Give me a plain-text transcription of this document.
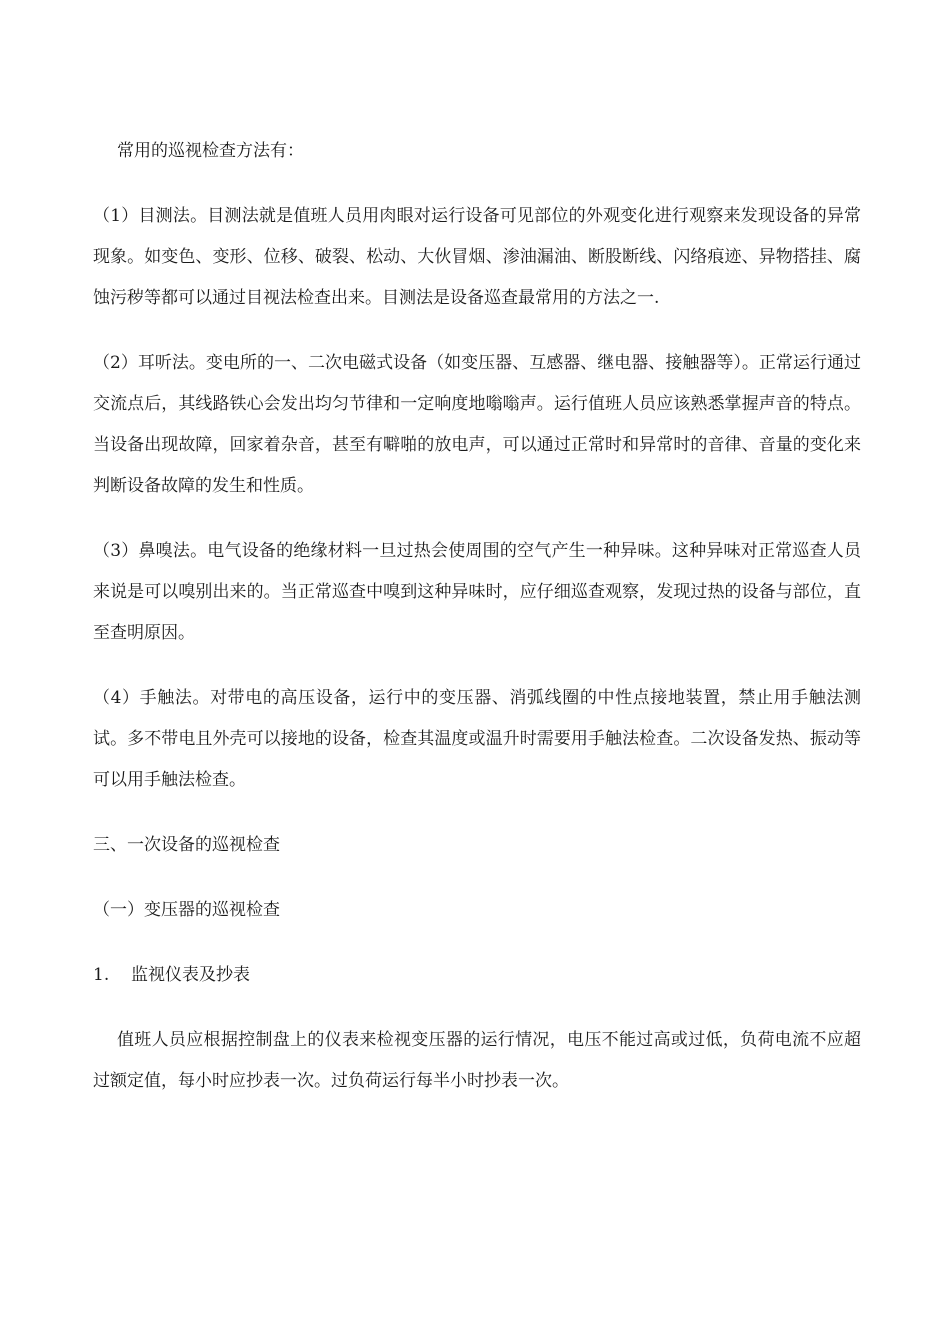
常用的巡视检查方法有：

（1）目测法。目测法就是值班人员用肉眼对运行设备可见部位的外观变化进行观察来发现设备的异常现象。如变色、变形、位移、破裂、松动、大伙冒烟、渗油漏油、断股断线、闪络痕迹、异物搭挂、腐蚀污秽等都可以通过目视法检查出来。目测法是设备巡查最常用的方法之一.

（2）耳听法。变电所的一、二次电磁式设备（如变压器、互感器、继电器、接触器等）。正常运行通过交流点后，其线路铁心会发出均匀节律和一定响度地嗡嗡声。运行值班人员应该熟悉掌握声音的特点。当设备出现故障，回家着杂音，甚至有噼啪的放电声，可以通过正常时和异常时的音律、音量的变化来判断设备故障的发生和性质。

（3）鼻嗅法。电气设备的绝缘材料一旦过热会使周围的空气产生一种异味。这种异味对正常巡查人员来说是可以嗅别出来的。当正常巡查中嗅到这种异味时，应仔细巡查观察，发现过热的设备与部位，直至查明原因。

（4）手触法。对带电的高压设备，运行中的变压器、消弧线圈的中性点接地装置，禁止用手触法测试。多不带电且外壳可以接地的设备，检查其温度或温升时需要用手触法检查。二次设备发热、振动等可以用手触法检查。

三、一次设备的巡视检查

（一）变压器的巡视检查

1.	监视仪表及抄表

值班人员应根据控制盘上的仪表来检视变压器的运行情况，电压不能过高或过低，负荷电流不应超过额定值，每小时应抄表一次。过负荷运行每半小时抄表一次。
